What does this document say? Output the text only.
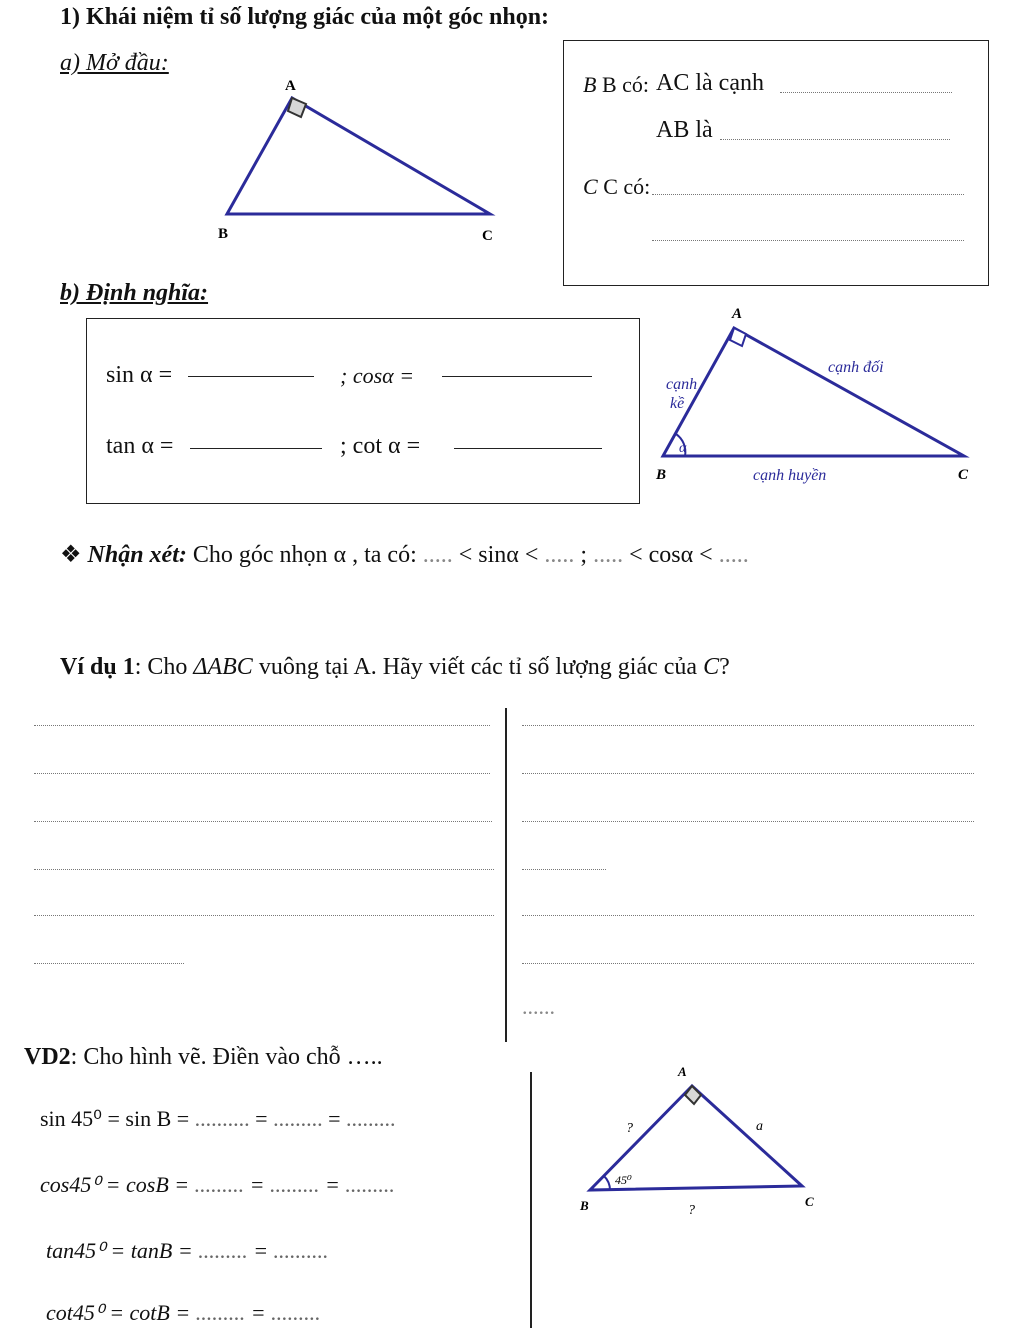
1) Khái niệm tỉ số lượng giác của một góc nhọn:
a) Mở đầu:
A
B	C
B B có: AC là cạnh
AB là
C C có:
b) Định nghĩa:
sin α =	; cosα =
tan α =	; cot α =
A
B	C
cạnh đối
cạnh
kề
cạnh huyền
α
❖ Nhận xét: Cho góc nhọn α , ta có: ..... < sinα < ..... ; ..... < cosα < .....
Ví dụ 1: Cho ΔABC vuông tại A. Hãy viết các tỉ số lượng giác của C?
......
VD2: Cho hình vẽ. Điền vào chỗ …..
sin 45⁰ = sin B = .......... = ......... = .........
cos45⁰ = cosB = ......... = ......... = .........
tan45⁰ = tanB = ......... = ..........
cot45⁰ = cotB = ......... = .........
A
B	C
?	a
?
45⁰
